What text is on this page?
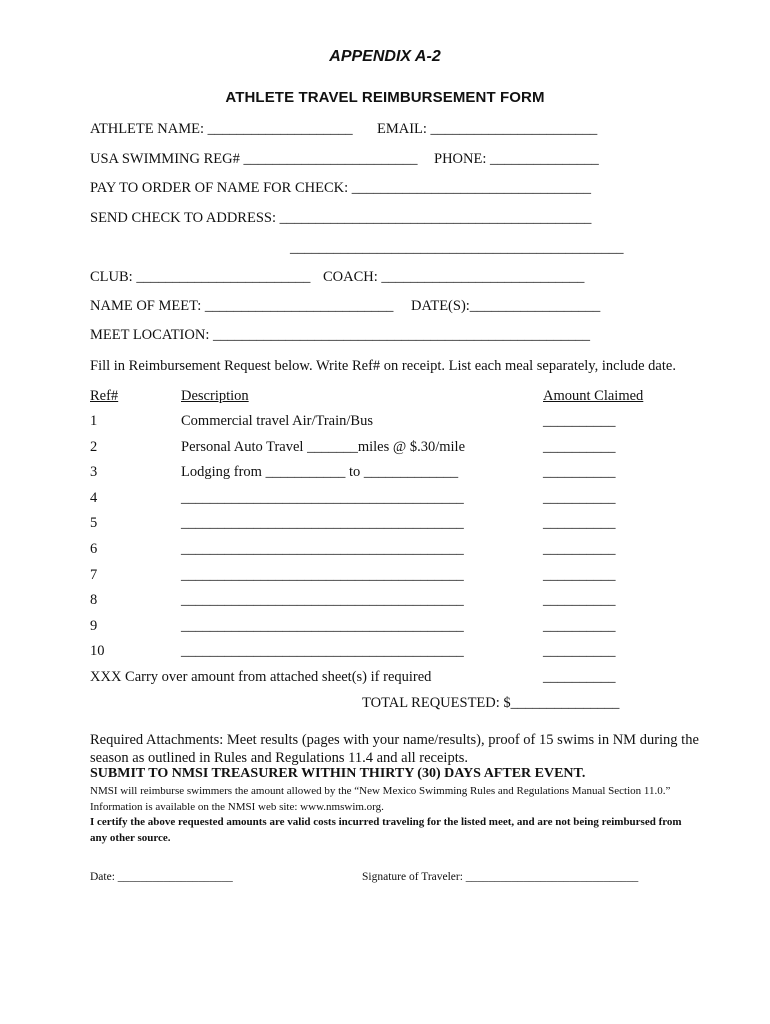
APPENDIX A-2
ATHLETE TRAVEL REIMBURSEMENT FORM
ATHLETE NAME: ____________________ EMAIL: _______________________
USA SWIMMING REG# ________________________ PHONE: _______________
PAY TO ORDER OF NAME FOR CHECK: _________________________________
SEND CHECK TO ADDRESS: ___________________________________________
______________________________________________
CLUB: ________________________ COACH: ____________________________
NAME OF MEET: __________________________ DATE(S):__________________
MEET LOCATION: ____________________________________________________
Fill in Reimbursement Request below. Write Ref# on receipt. List each meal separately, include date.
Ref#	Description	Amount Claimed
1	Commercial travel Air/Train/Bus	__________
2	Personal Auto Travel _______miles @ $.30/mile	__________
3	Lodging from ___________ to _____________	__________
4	_______________________________________	__________
5	_______________________________________	__________
6	_______________________________________	__________
7	_______________________________________	__________
8	_______________________________________	__________
9	_______________________________________	__________
10	_______________________________________	__________
XXX Carry over amount from attached sheet(s) if required	__________
TOTAL REQUESTED: $_______________
Required Attachments: Meet results (pages with your name/results), proof of 15 swims in NM during the season as outlined in Rules and Regulations 11.4 and all receipts.
SUBMIT TO NMSI TREASURER WITHIN THIRTY (30) DAYS AFTER EVENT.
NMSI will reimburse swimmers the amount allowed by the “New Mexico Swimming Rules and Regulations Manual Section 11.0.” Information is available on the NMSI web site: www.nmswim.org.
I certify the above requested amounts are valid costs incurred traveling for the listed meet, and are not being reimbursed from any other source.
Date: ____________________	Signature of Traveler: ______________________________
